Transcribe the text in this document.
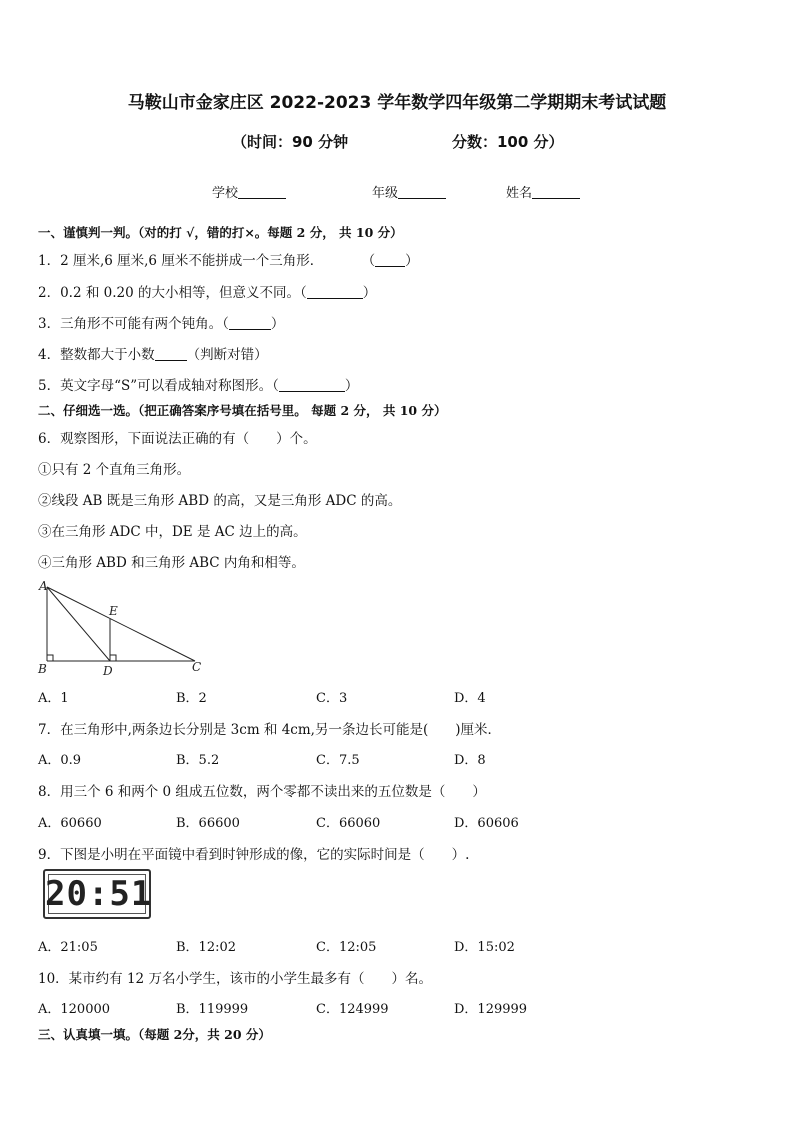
马鞍山市金家庄区 2022-2023 学年数学四年级第二学期期末考试试题
（时间：90 分钟	分数：100 分）
学校	年级	姓名
一、谨慎判一判。（对的打 √，错的打×。每题 2 分， 共 10 分）
1．2 厘米,6 厘米,6 厘米不能拼成一个三角形．	（ ）
2．0.2 和 0.20 的大小相等，但意义不同。（	）
3．三角形不可能有两个钝角。（	）
4．整数都大于小数 （判断对错）
5．英文字母“S”可以看成轴对称图形。（	）
二、仔细选一选。（把正确答案序号填在括号里。 每题 2 分， 共 10 分）
6．观察图形，下面说法正确的有（　　）个。
①只有 2 个直角三角形。
②线段 AB 既是三角形 ABD 的高，又是三角形 ADC 的高。
③在三角形 ADC 中，DE 是 AC 边上的高。
④三角形 ABD 和三角形 ABC 内角和相等。
A
B	C
D
E
A．1	B．2	C．3	D．4
7．在三角形中,两条边长分别是 3cm 和 4cm,另一条边长可能是(　　)厘米．
A．0.9	B．5.2	C．7.5	D．8
8．用三个 6 和两个 0 组成五位数，两个零都不读出来的五位数是（　　）
A．60660	B．66600	C．66060	D．60606
9．下图是小明在平面镜中看到时钟形成的像，它的实际时间是（　　）.
20:51
A．21:05	B．12:02	C．12:05	D．15:02
10．某市约有 12 万名小学生，该市的小学生最多有（　　）名。
A．120000	B．119999	C．124999	D．129999
三、认真填一填。（每题 2分，共 20 分）
